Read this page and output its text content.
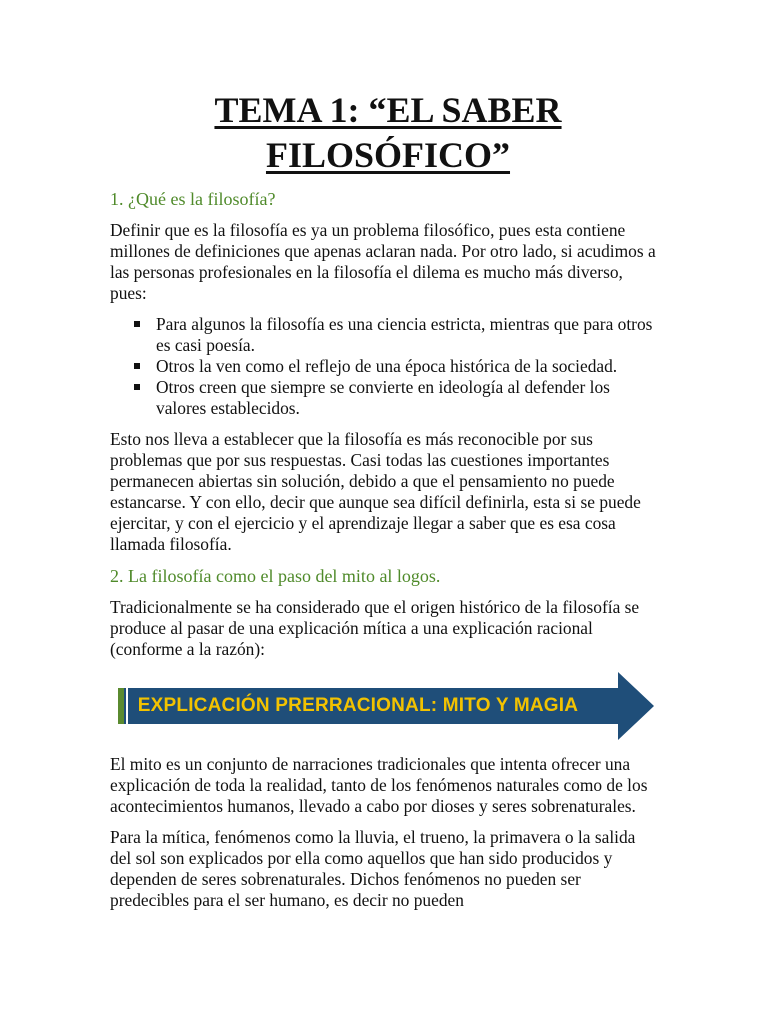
TEMA 1: “EL SABER
FILOSÓFICO”
1. ¿Qué es la filosofía?

Definir que es la filosofía es ya un problema filosófico, pues esta contiene millones de definiciones que apenas aclaran nada. Por otro lado, si acudimos a las personas profesionales en la filosofía el dilema es mucho más diverso, pues:

Para algunos la filosofía es una ciencia estricta, mientras que para otros es casi poesía.
Otros la ven como el reflejo de una época histórica de la sociedad.
Otros creen que siempre se convierte en ideología al defender los valores establecidos.

Esto nos lleva a establecer que la filosofía es más reconocible por sus problemas que por sus respuestas. Casi todas las cuestiones importantes permanecen abiertas sin solución, debido a que el pensamiento no puede estancarse. Y con ello, decir que aunque sea difícil definirla, esta si se puede ejercitar, y con el ejercicio y el aprendizaje llegar a saber que es esa cosa llamada filosofía.

2. La filosofía como el paso del mito al logos.

Tradicionalmente se ha considerado que el origen histórico de la filosofía se produce al pasar de una explicación mítica a una explicación racional (conforme a la razón):

EXPLICACIÓN PRERRACIONAL: MITO Y MAGIA

El mito es un conjunto de narraciones tradicionales que intenta ofrecer una explicación de toda la realidad, tanto de los fenómenos naturales como de los acontecimientos humanos, llevado a cabo por dioses y seres sobrenaturales.

Para la mítica, fenómenos como la lluvia, el trueno, la primavera o la salida del sol son explicados por ella como aquellos que han sido producidos y dependen de seres sobrenaturales. Dichos fenómenos no pueden ser predecibles para el ser humano, es decir no pueden
